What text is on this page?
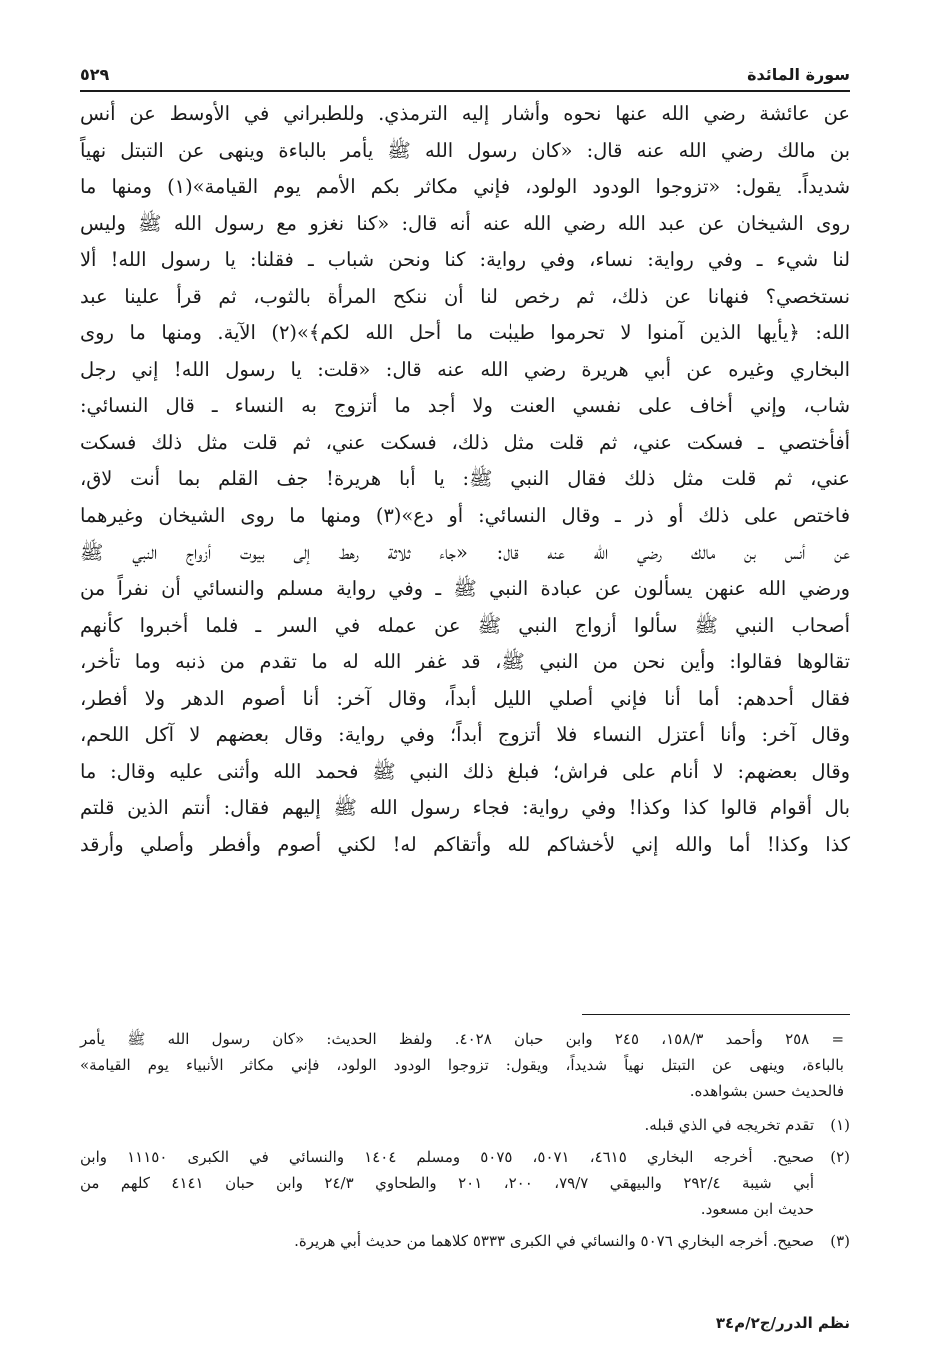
سورة المائدة
٥٢٩
عن عائشة رضي الله عنها نحوه وأشار إليه الترمذي. وللطبراني في الأوسط عن أنس
بن مالك رضي الله عنه قال: «كان رسول الله ﷺ يأمر بالباءة وينهى عن التبتل نهياً
شديداً. يقول: «تزوجوا الودود الولود، فإني مكاثر بكم الأمم يوم القيامة»(١) ومنها ما
روى الشيخان عن عبد الله رضي الله عنه أنه قال: «كنا نغزو مع رسول الله ﷺ وليس
لنا شيء ـ وفي رواية: نساء، وفي رواية: كنا ونحن شباب ـ فقلنا: يا رسول الله! ألا
نستخصي؟ فنهانا عن ذلك، ثم رخص لنا أن ننكح المرأة بالثوب، ثم قرأ علينا عبد
الله: ﴿يأيها الذين آمنوا لا تحرموا طيبٰت ما أحل الله لكم﴾»(٢) الآية. ومنها ما روى
البخاري وغيره عن أبي هريرة رضي الله عنه قال: «قلت: يا رسول الله! إني رجل
شاب، وإني أخاف على نفسي العنت ولا أجد ما أتزوج به النساء ـ قال النسائي:
أفأختصي ـ فسكت عني، ثم قلت مثل ذلك، فسكت عني، ثم قلت مثل ذلك فسكت
عني، ثم قلت مثل ذلك فقال النبي ﷺ: يا أبا هريرة! جف القلم بما أنت لاق،
فاختص على ذلك أو ذر ـ وقال النسائي: أو دع»(٣) ومنها ما روى الشيخان وغيرهما
عن أنس بن مالك رضي الله عنه قال: «جاء ثلاثة رهط إلى بيوت أزواج النبي ﷺ
ورضي الله عنهن يسألون عن عبادة النبي ﷺ ـ وفي رواية مسلم والنسائي أن نفراً من
أصحاب النبي ﷺ سألوا أزواج النبي ﷺ عن عمله في السر ـ فلما أخبروا كأنهم
تقالوها فقالوا: وأين نحن من النبي ﷺ، قد غفر الله له ما تقدم من ذنبه وما تأخر،
فقال أحدهم: أما أنا فإني أصلي الليل أبداً، وقال آخر: أنا أصوم الدهر ولا أفطر،
وقال آخر: وأنا أعتزل النساء فلا أتزوج أبداً؛ وفي رواية: وقال بعضهم لا آكل اللحم،
وقال بعضهم: لا أنام على فراش؛ فبلغ ذلك النبي ﷺ فحمد الله وأثنى عليه وقال: ما
بال أقوام قالوا كذا وكذا! وفي رواية: فجاء رسول الله ﷺ إليهم فقال: أنتم الذين قلتم
كذا وكذا! أما والله إني لأخشاكم لله وأتقاكم له! لكني أصوم وأفطر وأصلي وأرقد
= ٢٥٨ وأحمد ١٥٨/٣، ٢٤٥ وابن حبان ٤٠٢٨. ولفظ الحديث: «كان رسول الله ﷺ يأمر
بالباءة، وينهى عن التبتل نهياً شديداً، ويقول: تزوجوا الودود الولود، فإني مكاثر الأنبياء يوم القيامة»
فالحديث حسن بشواهده.
(١)
تقدم تخريجه في الذي قبله.
(٢)
صحيح. أخرجه البخاري ٤٦١٥، ٥٠٧١، ٥٠٧٥ ومسلم ١٤٠٤ والنسائي في الكبرى ١١١٥٠ وابن
أبي شيبة ٢٩٢/٤ والبيهقي ٧٩/٧، ٢٠٠، ٢٠١ والطحاوي ٢٤/٣ وابن حبان ٤١٤١ كلهم من
حديث ابن مسعود.
(٣)
صحيح. أخرجه البخاري ٥٠٧٦ والنسائي في الكبرى ٥٣٣٣ كلاهما من حديث أبي هريرة.
نظم الدرر/ج٢/م٣٤
